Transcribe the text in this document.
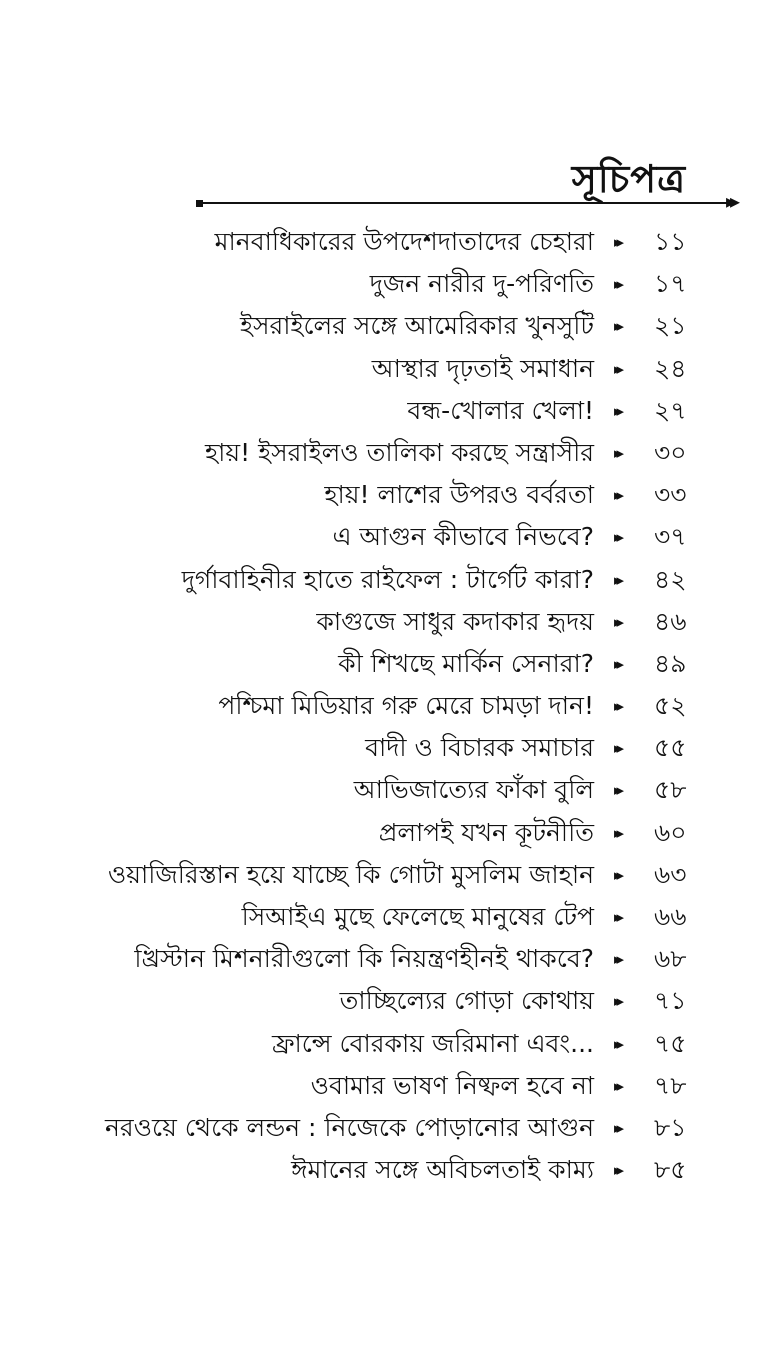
সূচিপত্র ▸▸
মানবাধিকারের উপদেশদাতাদের চেহারা ▸▸ ১১
দুজন নারীর দু-পরিণতি ▸▸ ১৭
ইসরাইলের সঙ্গে আমেরিকার খুনসুটি ▸▸ ২১
আস্থার দৃঢ়তাই সমাধান ▸▸ ২৪
বন্ধ-খোলার খেলা! ▸▸ ২৭
হায়! ইসরাইলও তালিকা করছে সন্ত্রাসীর ▸▸ ৩০
হায়! লাশের উপরও বর্বরতা ▸▸ ৩৩
এ আগুন কীভাবে নিভবে? ▸▸ ৩৭
দুর্গাবাহিনীর হাতে রাইফেল : টার্গেট কারা? ▸▸ ৪২
কাগুজে সাধুর কদাকার হৃদয় ▸▸ ৪৬
কী শিখছে মার্কিন সেনারা? ▸▸ ৪৯
পশ্চিমা মিডিয়ার গরু মেরে চামড়া দান! ▸▸ ৫২
বাদী ও বিচারক সমাচার ▸▸ ৫৫
আভিজাত্যের ফাঁকা বুলি ▸▸ ৫৮
প্রলাপই যখন কূটনীতি ▸▸ ৬০
ওয়াজিরিস্তান হয়ে যাচ্ছে কি গোটা মুসলিম জাহান ▸▸ ৬৩
সিআইএ মুছে ফেলেছে মানুষের টেপ ▸▸ ৬৬
খ্রিস্টান মিশনারীগুলো কি নিয়ন্ত্রণহীনই থাকবে? ▸▸ ৬৮
তাচ্ছিল্যের গোড়া কোথায় ▸▸ ৭১
ফ্রান্সে বোরকায় জরিমানা এবং... ▸▸ ৭৫
ওবামার ভাষণ নিষ্ফল হবে না ▸▸ ৭৮
নরওয়ে থেকে লন্ডন : নিজেকে পোড়ানোর আগুন ▸▸ ৮১
ঈমানের সঙ্গে অবিচলতাই কাম্য ▸▸ ৮৫
